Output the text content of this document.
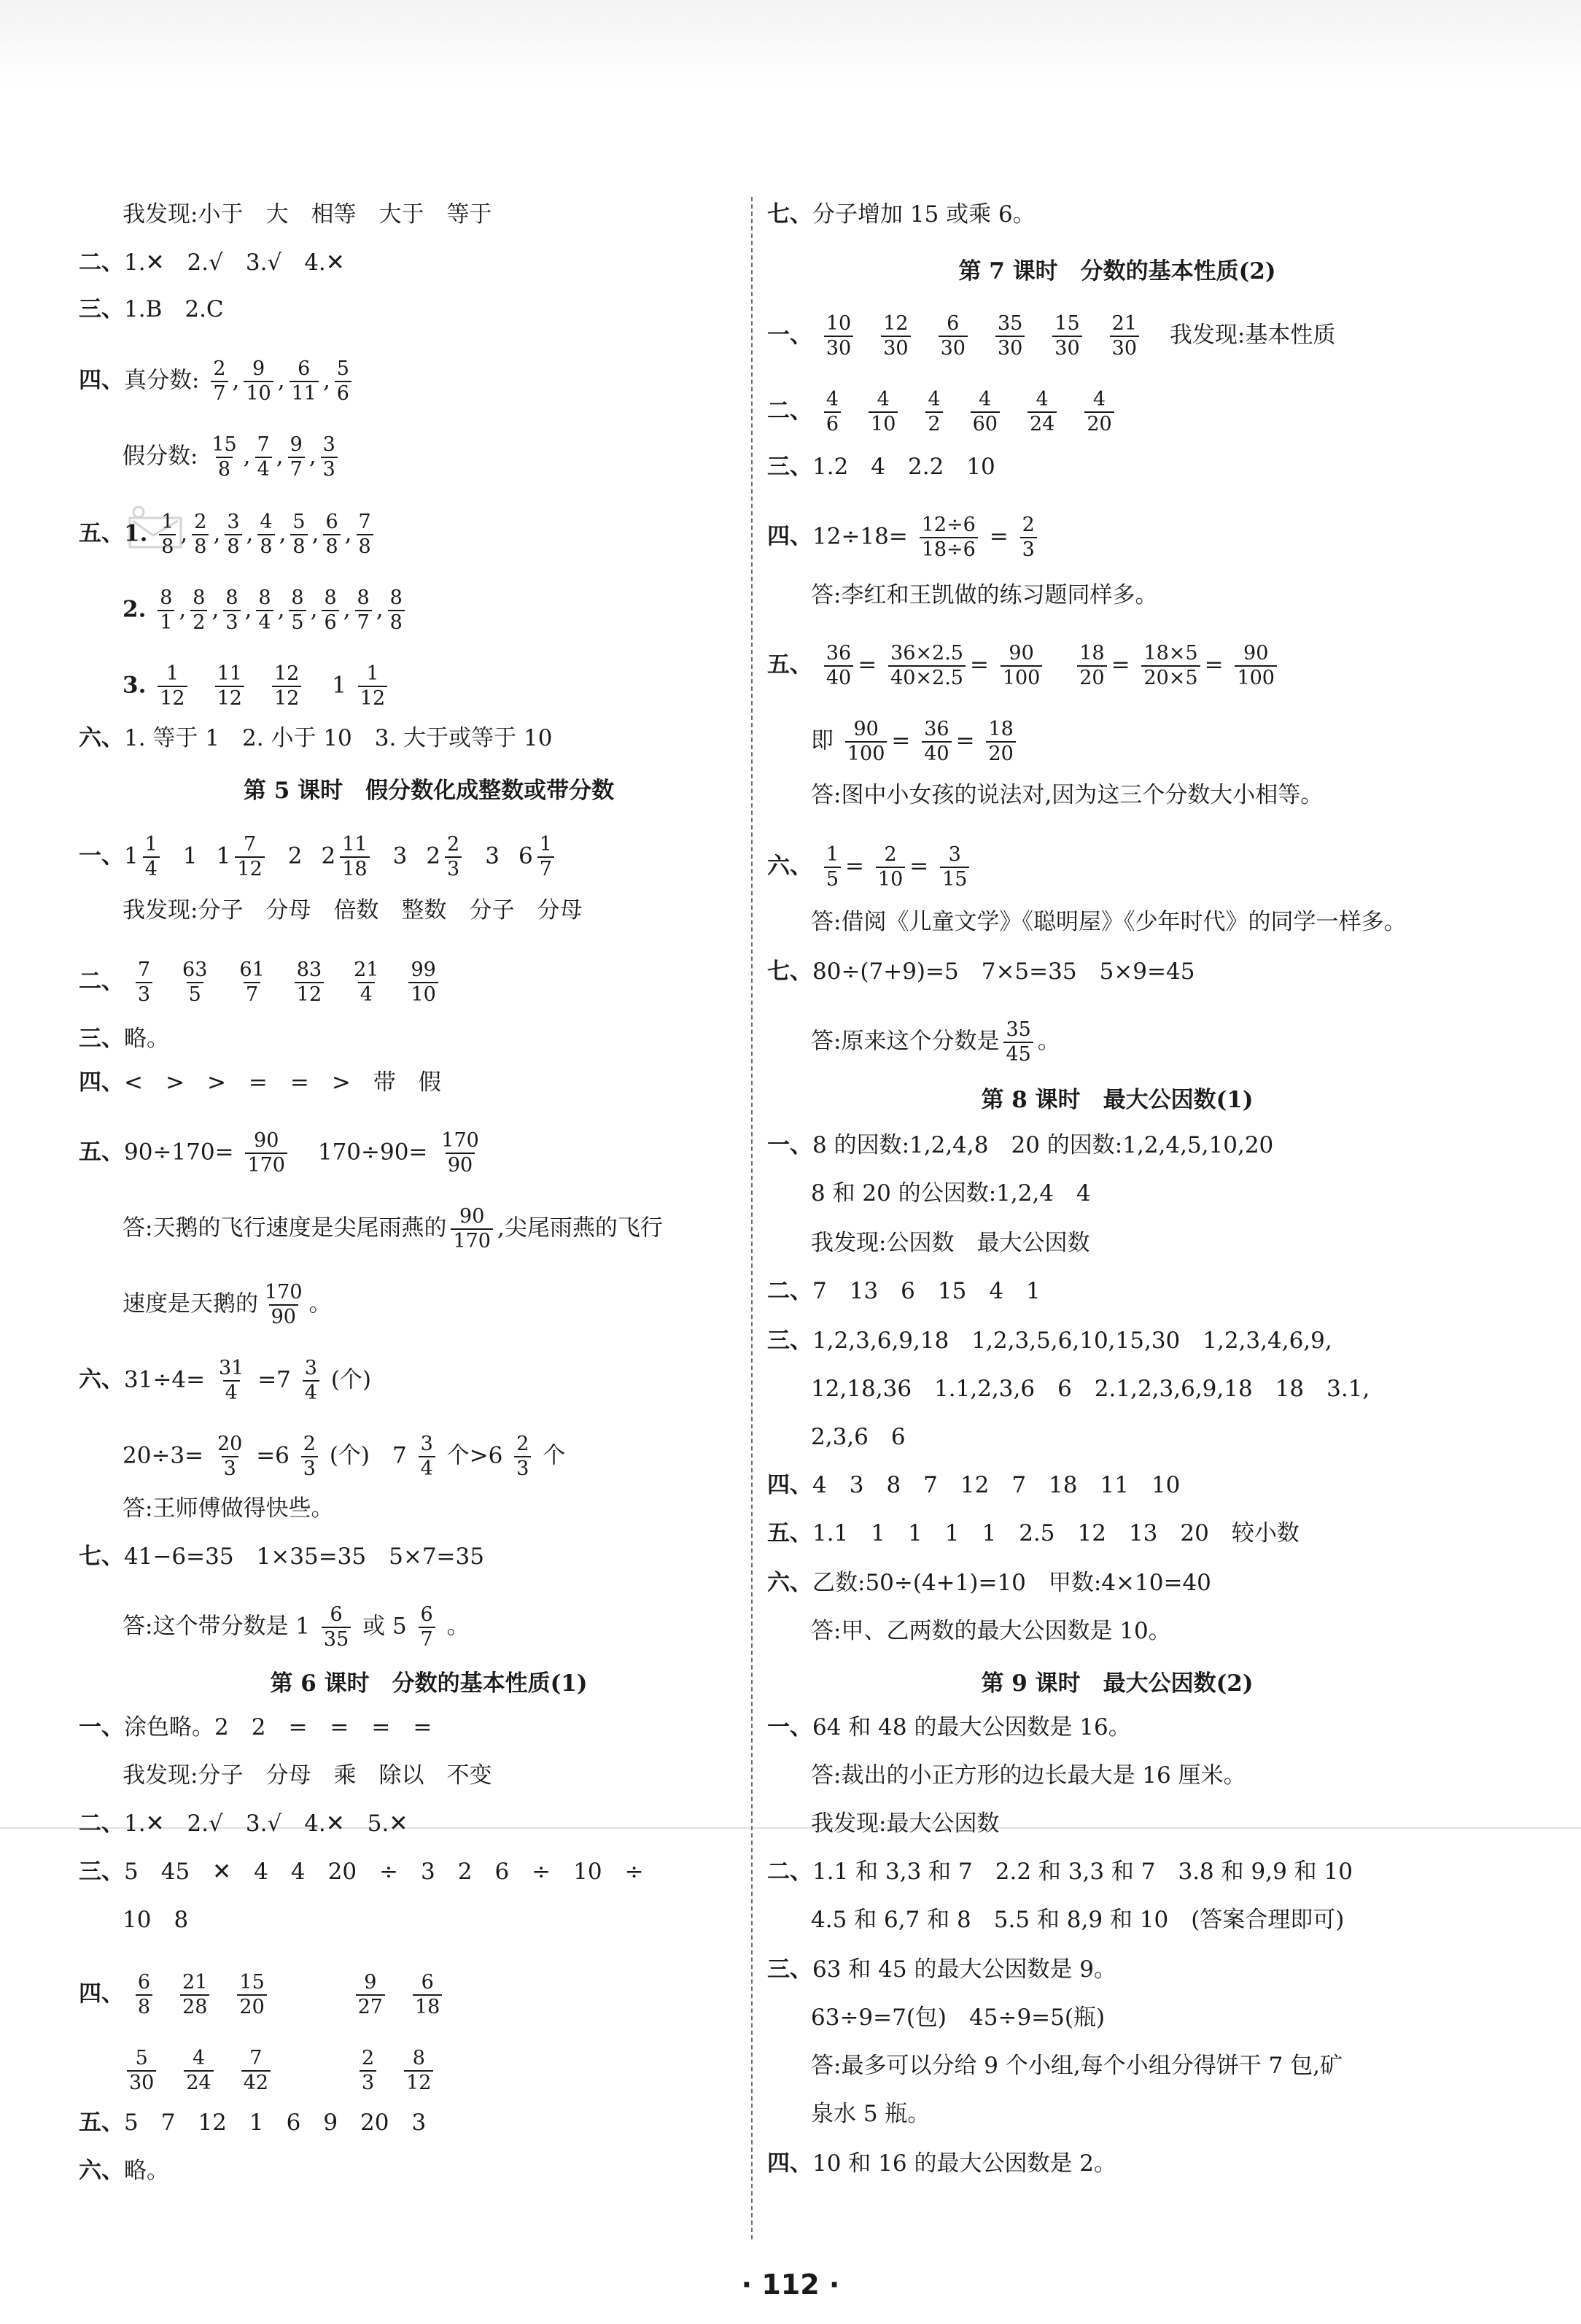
我发现:小于　大　相等　大于　等于
二、1.✕　2.√　3.√　4.✕
三、1.B　2.C
四、真分数: $\frac{2}{7}$ , $\frac{9}{10}$ , $\frac{6}{11}$ , $\frac{5}{6}$
假分数: $\frac{15}{8}$ , $\frac{7}{4}$ , $\frac{9}{7}$ , $\frac{3}{3}$
五、1. $\frac{1}{8}$ , $\frac{2}{8}$ , $\frac{3}{8}$ , $\frac{4}{8}$ , $\frac{5}{8}$ , $\frac{6}{8}$ , $\frac{7}{8}$
2. $\frac{8}{1}$ , $\frac{8}{2}$ , $\frac{8}{3}$ , $\frac{8}{4}$ , $\frac{8}{5}$ , $\frac{8}{6}$ , $\frac{8}{7}$ , $\frac{8}{8}$
3. $\frac{1}{12} \frac{11}{12} \frac{12}{12} 1 \frac{1}{12}$
六、1. 等于 1　2. 小于 10　3. 大于或等于 10
第 5 课时　假分数化成整数或带分数
一、$1 \frac{1}{4} 1$ $1 \frac{7}{12} 2$ $2 \frac{11}{18} 3$ $2 \frac{2}{3} 3$ $6 \frac{1}{7}$
我发现:分子　分母　倍数　整数　分子　分母
二、 $\frac{7}{3} \frac{63}{5} \frac{61}{7} \frac{83}{12} \frac{21}{4} \frac{99}{10}$
三、略。
四、<　>　>　=　=　>　带　假
五、$90\div 170= \frac{90}{170} 170\div 90= \frac{170}{90}$
答:天鹅的飞行速度是尖尾雨燕的 $\frac{90}{170}$ ,尖尾雨燕的飞行
速度是天鹅的 $\frac{170}{90}$ 。
六、$31\div 4= \frac{31}{4} =7 \frac{3}{4}$ (个)
$20\div 3= \frac{20}{3} =6 \frac{2}{3}$ (个)　$7 \frac{3}{4}$ 个$>6 \frac{2}{3}$ 个
答:王师傅做得快些。
七、41−6=35　1×35=35　5×7=35
答:这个带分数是 $1 \frac{6}{35}$ 或 $5 \frac{6}{7}$ 。
第 6 课时　分数的基本性质(1)
一、涂色略。2　2　=　=　=　=
我发现:分子　分母　乘　除以　不变
二、1.✕　2.√　3.√　4.✕　5.✕
三、5　45　✕　4　4　20　÷　3　2　6　÷　10　÷
10　8
四、 $\frac{6}{8} \frac{21}{28} \frac{15}{20}$
	$\frac{9}{27} \frac{6}{18}$
$\frac{5}{30} \frac{4}{24} \frac{7}{42}$
	$\frac{2}{3} \frac{8}{12}$
五、5　7　12　1　6　9　20　3
六、略。
七、分子增加 15 或乘 6。
第 7 课时　分数的基本性质(2)
一、 $\frac{10}{30} \frac{12}{30} \frac{6}{30} \frac{35}{30} \frac{15}{30} \frac{21}{30}$ 我发现:基本性质
二、 $\frac{4}{6} \frac{4}{10} \frac{4}{2} \frac{4}{60} \frac{4}{24} \frac{4}{20}$
三、1.2　4　2.2　10
四、$12\div 18= \frac{12\div 6}{18\div 6} = \frac{2}{3}$
答:李红和王凯做的练习题同样多。
五、 $\frac{36}{40} = \frac{36\times 2.5}{40\times 2.5} = \frac{90}{100}$
$\frac{18}{20} = \frac{18\times 5}{20\times 5} = \frac{90}{100}$
即 $\frac{90}{100} = \frac{36}{40} = \frac{18}{20}$
答:图中小女孩的说法对,因为这三个分数大小相等。
六、 $\frac{1}{5} = \frac{2}{10} = \frac{3}{15}$
答:借阅《儿童文学》《聪明屋》《少年时代》的同学一样多。
七、80÷(7+9)=5　7×5=35　5×9=45
答:原来这个分数是 $\frac{35}{45}$ 。
第 8 课时　最大公因数(1)
一、8 的因数:1,2,4,8　20 的因数:1,2,4,5,10,20
8 和 20 的公因数:1,2,4　4
我发现:公因数　最大公因数
二、7　13　6　15　4　1
三、1,2,3,6,9,18　1,2,3,5,6,10,15,30　1,2,3,4,6,9,
12,18,36　1.1,2,3,6　6　2.1,2,3,6,9,18　18　3.1,
2,3,6　6
四、4　3　8　7　12　7　18　11　10
五、1.1　1　1　1　1　2.5　12　13　20　较小数
六、乙数:50÷(4+1)=10　甲数:4×10=40
答:甲、乙两数的最大公因数是 10。
第 9 课时　最大公因数(2)
一、64 和 48 的最大公因数是 16。
答:裁出的小正方形的边长最大是 16 厘米。
我发现:最大公因数
二、1.1 和 3,3 和 7　2.2 和 3,3 和 7　3.8 和 9,9 和 10
4.5 和 6,7 和 8　5.5 和 8,9 和 10　(答案合理即可)
三、63 和 45 的最大公因数是 9。
63÷9=7(包)　45÷9=5(瓶)
答:最多可以分给 9 个小组,每个小组分得饼干 7 包,矿
泉水 5 瓶。
四、10 和 16 的最大公因数是 2。
· 112 ·
